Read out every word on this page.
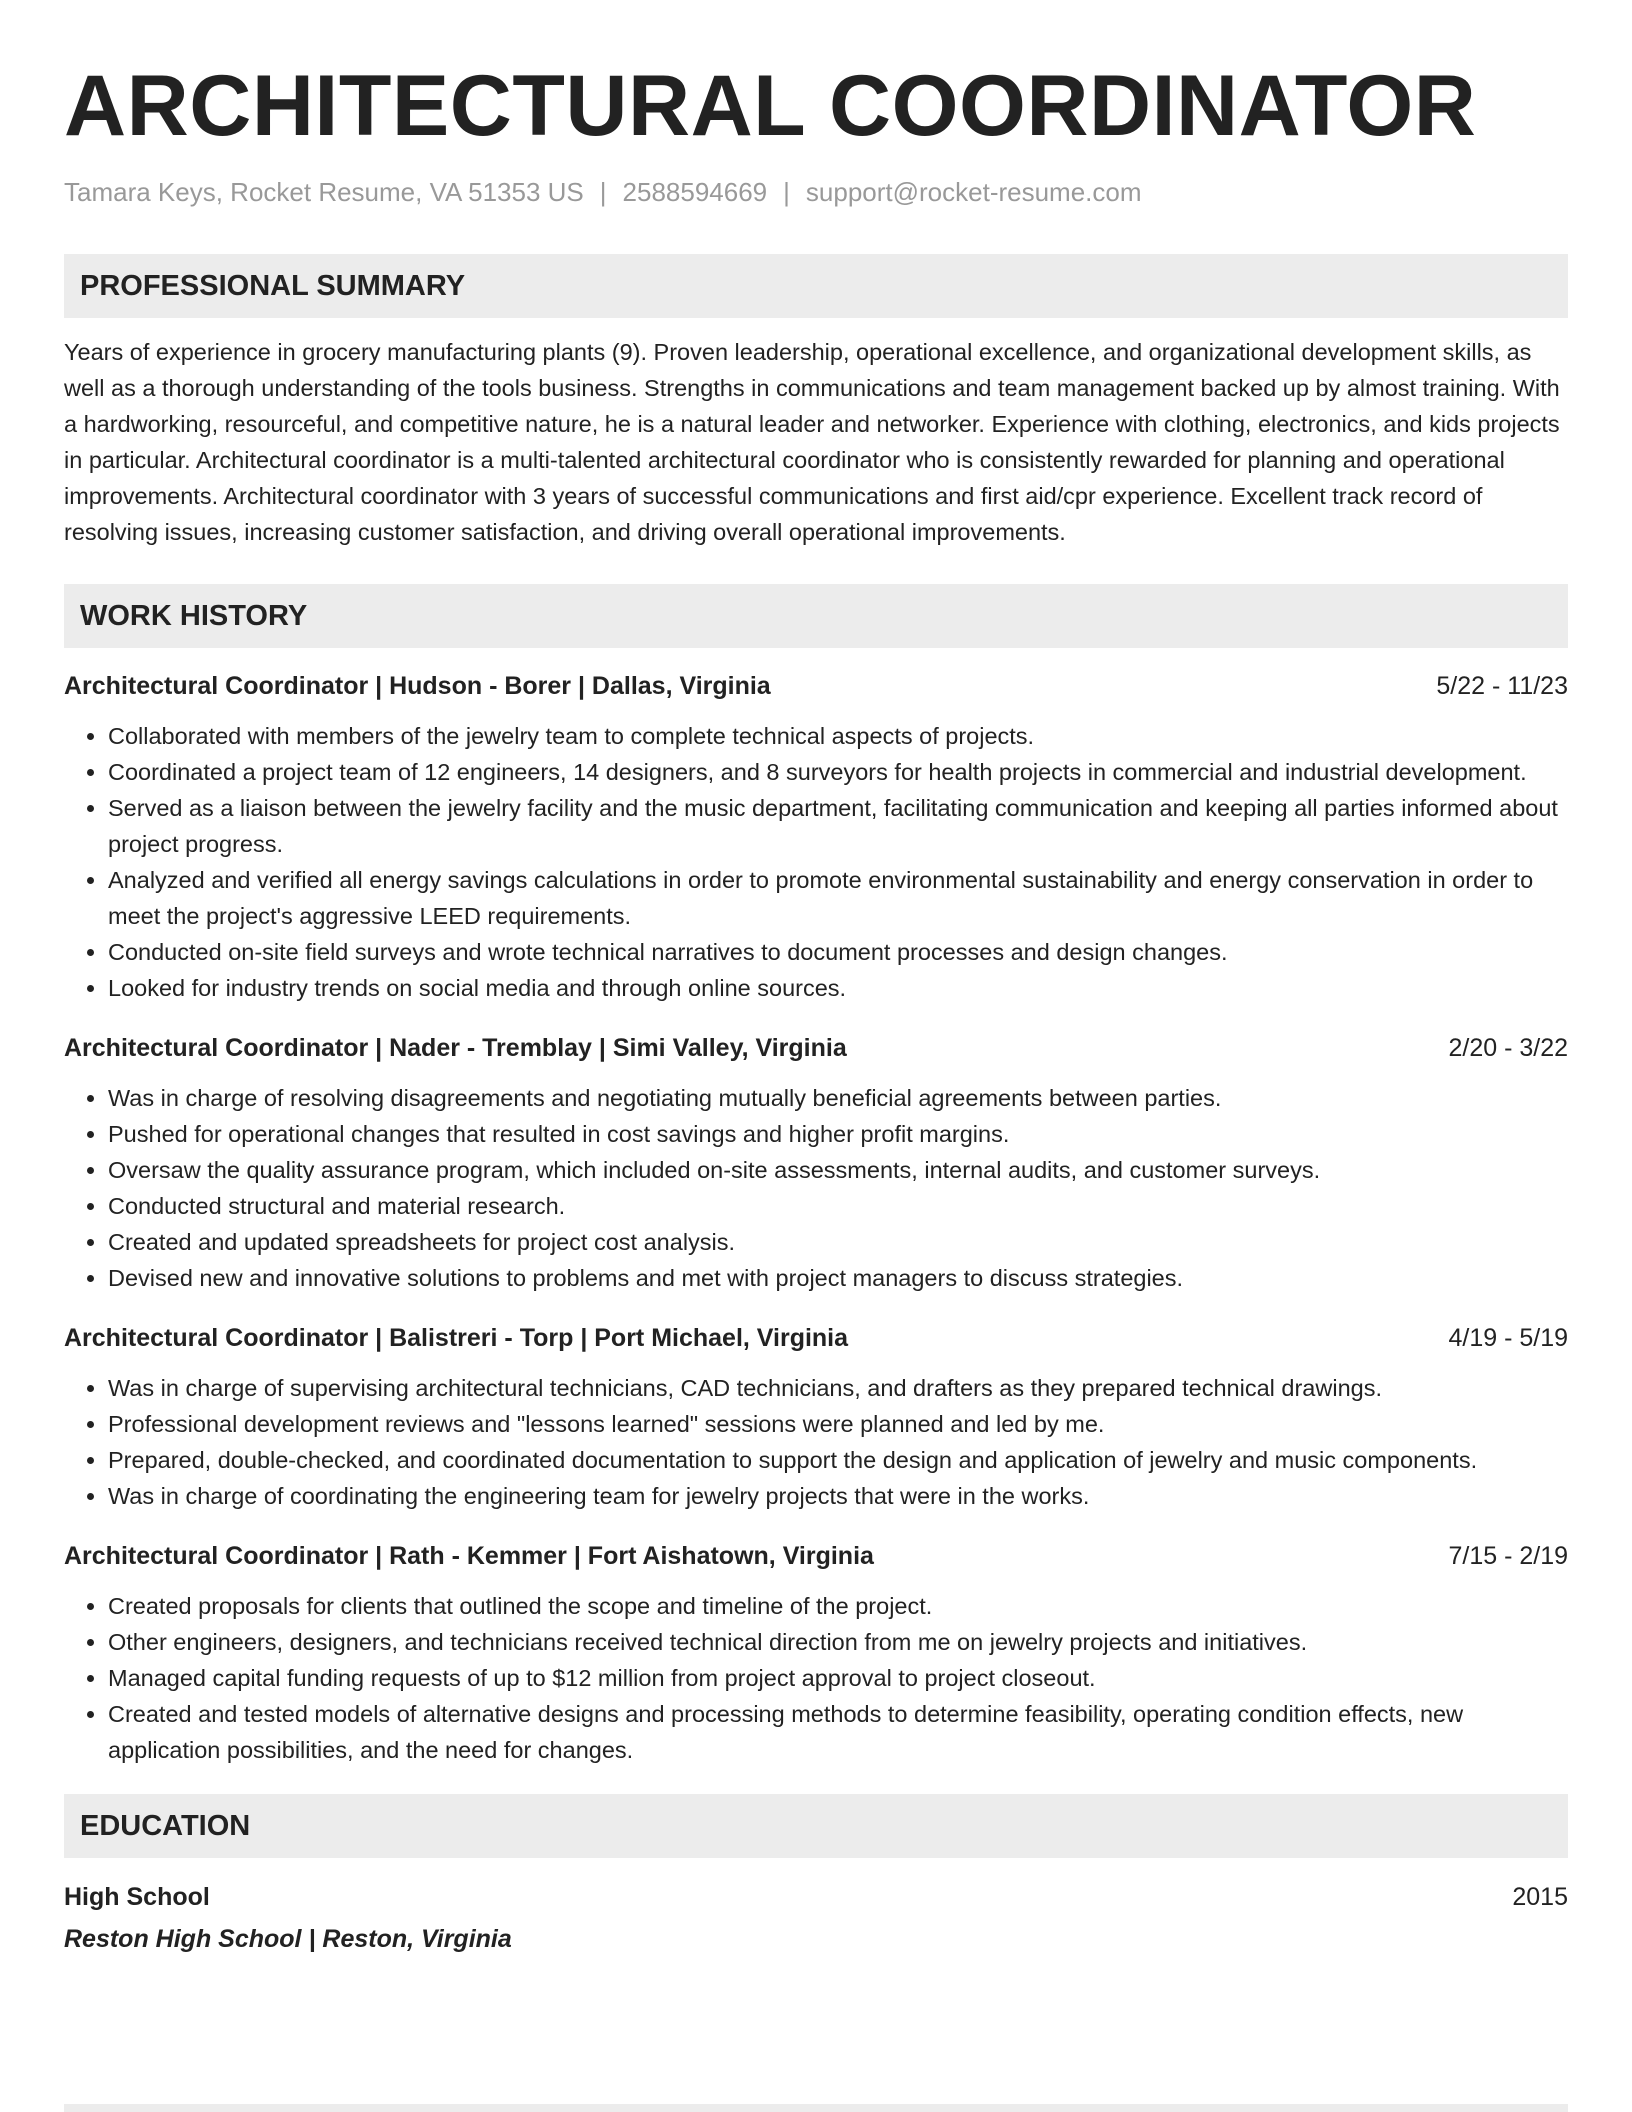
ARCHITECTURAL COORDINATOR
Tamara Keys, Rocket Resume, VA 51353 US | 2588594669 | support@rocket-resume.com
PROFESSIONAL SUMMARY

Years of experience in grocery manufacturing plants (9). Proven leadership, operational excellence, and organizational development skills, as well as a thorough understanding of the tools business. Strengths in communications and team management backed up by almost training. With a hardworking, resourceful, and competitive nature, he is a natural leader and networker. Experience with clothing, electronics, and kids projects in particular. Architectural coordinator is a multi-talented architectural coordinator who is consistently rewarded for planning and operational improvements. Architectural coordinator with 3 years of successful communications and first aid/cpr experience. Excellent track record of resolving issues, increasing customer satisfaction, and driving overall operational improvements.

WORK HISTORY
Architectural Coordinator | Hudson - Borer | Dallas, Virginia	5/22 - 11/23
• Collaborated with members of the jewelry team to complete technical aspects of projects.
• Coordinated a project team of 12 engineers, 14 designers, and 8 surveyors for health projects in commercial and industrial development.
• Served as a liaison between the jewelry facility and the music department, facilitating communication and keeping all parties informed about project progress.
• Analyzed and verified all energy savings calculations in order to promote environmental sustainability and energy conservation in order to meet the project's aggressive LEED requirements.
• Conducted on-site field surveys and wrote technical narratives to document processes and design changes.
• Looked for industry trends on social media and through online sources.
Architectural Coordinator | Nader - Tremblay | Simi Valley, Virginia	2/20 - 3/22
• Was in charge of resolving disagreements and negotiating mutually beneficial agreements between parties.
• Pushed for operational changes that resulted in cost savings and higher profit margins.
• Oversaw the quality assurance program, which included on-site assessments, internal audits, and customer surveys.
• Conducted structural and material research.
• Created and updated spreadsheets for project cost analysis.
• Devised new and innovative solutions to problems and met with project managers to discuss strategies.
Architectural Coordinator | Balistreri - Torp | Port Michael, Virginia	4/19 - 5/19
• Was in charge of supervising architectural technicians, CAD technicians, and drafters as they prepared technical drawings.
• Professional development reviews and "lessons learned" sessions were planned and led by me.
• Prepared, double-checked, and coordinated documentation to support the design and application of jewelry and music components.
• Was in charge of coordinating the engineering team for jewelry projects that were in the works.
Architectural Coordinator | Rath - Kemmer | Fort Aishatown, Virginia	7/15 - 2/19
• Created proposals for clients that outlined the scope and timeline of the project.
• Other engineers, designers, and technicians received technical direction from me on jewelry projects and initiatives.
• Managed capital funding requests of up to $12 million from project approval to project closeout.
• Created and tested models of alternative designs and processing methods to determine feasibility, operating condition effects, new application possibilities, and the need for changes.
EDUCATION
High School	2015
Reston High School | Reston, Virginia
